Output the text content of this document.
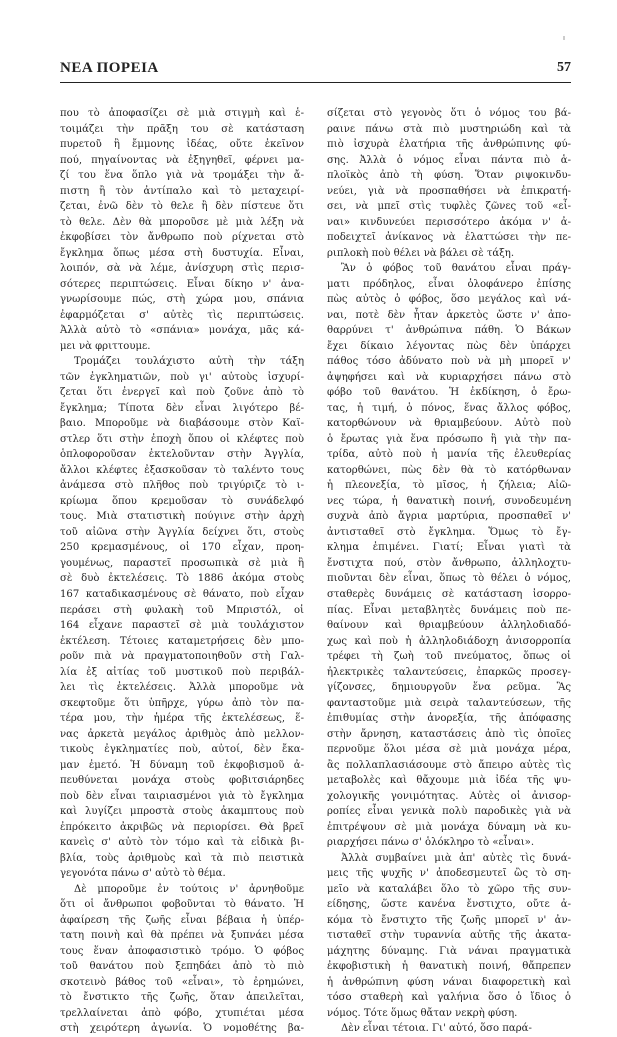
ΝΕΑ ΠΟΡΕΙΑ	57

που τὸ ἀποφασίζει σὲ μιὰ στιγμὴ καὶ ἑ-

τοιμάζει τὴν πρᾶξη του σὲ κατάσταση

πυρετοῦ ἢ ἔμμονης ἰδέας, οὔτε ἐκεῖνον

πού, πηγαίνοντας νὰ ἐξηγηθεῖ, φέρνει μα-

ζί του ἕνα ὅπλο γιὰ νὰ τρομάξει τὴν ἄ-

πιστη ἢ τὸν ἀντίπαλο καὶ τὸ μεταχειρί-

ζεται, ἐνῶ δὲν τὸ θελε ἢ δὲν πίστευε ὅτι

τὸ θελε. Δὲν θὰ μποροῦσε μὲ μιὰ λέξη νὰ

ἐκφοβίσει τὸν ἄνθρωπο ποὺ ρίχνεται στὸ

ἔγκλημα ὅπως μέσα στὴ δυστυχία. Εἶναι,

λοιπόν, σὰ νὰ λέμε, ἀνίσχυρη στὶς περισ-

σότερες περιπτώσεις. Εἶναι δίκηο ν' ἀνα-

γνωρίσουμε πώς, στὴ χώρα μου, σπάνια

ἐφαρμόζεται σ' αὐτὲς τὶς περιπτώσεις.

Ἀλλὰ αὐτὸ τὸ «σπάνια» μονάχα, μᾶς κά-

μει νὰ φριττουμε.

Τρομάζει τουλάχιστο αὐτὴ τὴν τάξη

τῶν ἐγκληματιῶν, ποὺ γι' αὐτοὺς ἰσχυρί-

ζεται ὅτι ἐνεργεῖ καὶ ποὺ ζοῦνε ἀπὸ τὸ

ἔγκλημα; Τίποτα δὲν εἶναι λιγότερο βέ-

βαιο. Μποροῦμε νὰ διαβάσουμε στὸν Καϊ-

στλερ ὅτι στὴν ἐποχὴ ὅπου οἱ κλέφτες ποὺ

ὁπλοφοροῦσαν ἐκτελοῦνταν στὴν Ἀγγλία,

ἄλλοι κλέφτες ἐξασκοῦσαν τὸ ταλέντο τους

ἀνάμεσα στὸ πλῆθος ποὺ τριγύριζε τὸ ι-

κρίωμα ὅπου κρεμοῦσαν τὸ συνάδελφό

τους. Μιὰ στατιστικὴ πούγινε στὴν ἀρχὴ

τοῦ αἰῶνα στὴν Ἀγγλία δείχνει ὅτι, στοὺς

250 κρεμασμένους, οἱ 170 εἶχαν, προη-

γουμένως, παραστεῖ προσωπικὰ σὲ μιὰ ἢ

σὲ δυὸ ἐκτελέσεις. Τὸ 1886 ἀκόμα στοὺς

167 καταδικασμένους σὲ θάνατο, ποὺ εἶχαν

περάσει στὴ φυλακὴ τοῦ Μπριστόλ, οἱ

164 εἶχανε παραστεῖ σὲ μιὰ τουλάχιστον

ἐκτέλεση. Τέτοιες καταμετρήσεις δὲν μπο-

ροῦν πιὰ νὰ πραγματοποιηθοῦν στὴ Γαλ-

λία ἐξ αἰτίας τοῦ μυστικοῦ ποὺ περιβάλ-

λει τὶς ἐκτελέσεις. Ἀλλὰ μποροῦμε νὰ

σκεφτοῦμε ὅτι ὑπῆρχε, γύρω ἀπὸ τὸν πα-

τέρα μου, τὴν ἡμέρα τῆς ἐκτελέσεως, ἕ-

νας ἀρκετὰ μεγάλος ἀριθμὸς ἀπὸ μελλον-

τικοὺς ἐγκληματίες ποὺ, αὐτοί, δὲν ἔκα-

μαν ἐμετό. Ἡ δύναμη τοῦ ἐκφοβισμοῦ ἀ-

πευθύνεται μονάχα στοὺς φοβιτσιάρηδες

ποὺ δὲν εἶναι ταιριασμένοι γιὰ τὸ ἔγκλημα

καὶ λυγίζει μπροστὰ στοὺς ἀκαμπτους ποὺ

ἐπρόκειτο ἀκριβῶς νὰ περιορίσει. Θὰ βρεῖ

κανεὶς σ' αὐτὸ τὸν τόμο καὶ τὰ εἰδικὰ βι-

βλία, τοὺς ἀριθμοὺς καὶ τὰ πιὸ πειστικὰ

γεγονότα πάνω σ' αὐτὸ τὸ θέμα.

Δὲ μποροῦμε ἐν τούτοις ν' ἀρνηθοῦμε

ὅτι οἱ ἄνθρωποι φοβοῦνται τὸ θάνατο. Ἡ

ἀφαίρεση τῆς ζωῆς εἶναι βέβαια ἡ ὑπέρ-

τατη ποινὴ καὶ θὰ πρέπει νὰ ξυπνάει μέσα

τους ἕναν ἀποφασιστικὸ τρόμο. Ὁ φόβος

τοῦ θανάτου ποὺ ξεπηδάει ἀπὸ τὸ πιὸ

σκοτεινὸ βάθος τοῦ «εἶναι», τὸ ἐρημώνει,

τὸ ἔνστικτο τῆς ζωῆς, ὅταν ἀπειλεῖται,

τρελλαίνεται ἀπὸ φόβο, χτυπιέται μέσα

στὴ χειρότερη ἀγωνία. Ὁ νομοθέτης βα-

σίζεται στὸ γεγονὸς ὅτι ὁ νόμος του βά-

ραινε πάνω στὰ πιὸ μυστηριώδη καὶ τὰ

πιὸ ἰσχυρὰ ἐλατήρια τῆς ἀνθρώπινης φύ-

σης. Ἀλλὰ ὁ νόμος εἶναι πάντα πιὸ ἁ-

πλοϊκὸς ἀπὸ τὴ φύση. Ὅταν ριψοκινδυ-

νεύει, γιὰ νὰ προσπαθήσει νὰ ἐπικρατή-

σει, νὰ μπεῖ στὶς τυφλὲς ζῶνες τοῦ «εἶ-

ναι» κινδυνεύει περισσότερο ἀκόμα ν' ἀ-

ποδειχτεῖ ἀνίκανος νὰ ἐλαττώσει τὴν πε-

ριπλοκὴ ποὺ θέλει νὰ βάλει σὲ τάξη.

Ἂν ὁ φόβος τοῦ θανάτου εἶναι πράγ-

ματι πρόδηλος, εἶναι ὁλοφάνερο ἐπίσης

πὼς αὐτὸς ὁ φόβος, ὅσο μεγάλος καὶ νά-

ναι, ποτὲ δὲν ἦταν ἀρκετὸς ὥστε ν' ἀπο-

θαρρύνει τ' ἀνθρώπινα πάθη. Ὁ Βάκων

ἔχει δίκαιο λέγοντας πὼς δὲν ὑπάρχει

πάθος τόσο ἀδύνατο ποὺ νὰ μὴ μπορεῖ ν'

ἀψηφήσει καὶ νὰ κυριαρχήσει πάνω στὸ

φόβο τοῦ θανάτου. Ἡ ἐκδίκηση, ὁ ἔρω-

τας, ἡ τιμή, ὁ πόνος, ἕνας ἄλλος φόβος,

κατορθώνουν νὰ θριαμβεύουν. Αὐτὸ ποὺ

ὁ ἔρωτας γιὰ ἕνα πρόσωπο ἢ γιὰ τὴν πα-

τρίδα, αὐτὸ ποὺ ἡ μανία τῆς ἐλευθερίας

κατορθώνει, πὼς δὲν θὰ τὸ κατόρθωναν

ἡ πλεονεξία, τὸ μῖσος, ἡ ζήλεια; Αἰῶ-

νες τώρα, ἡ θανατικὴ ποινή, συνοδευμένη

συχνὰ ἀπὸ ἄγρια μαρτύρια, προσπαθεῖ ν'

ἀντισταθεῖ στὸ ἔγκλημα. Ὅμως τὸ ἔγ-

κλημα ἐπιμένει. Γιατί; Εἶναι γιατὶ τὰ

ἔνστιχτα πού, στὸν ἄνθρωπο, ἀλληλοχτυ-

πιοῦνται δὲν εἶναι, ὅπως τὸ θέλει ὁ νόμος,

σταθερὲς δυνάμεις σὲ κατάσταση ἰσορρο-

πίας. Εἶναι μεταβλητὲς δυνάμεις ποὺ πε-

θαίνουν καὶ θριαμβεύουν ἀλληλοδιαδό-

χως καὶ ποὺ ἡ ἀλληλοδιάδοχη ἀνισορροπία

τρέφει τὴ ζωὴ τοῦ πνεύματος, ὅπως οἱ

ἠλεκτρικὲς ταλαντεύσεις, ἐπαρκῶς προσεγ-

γίζονσες, δημιουργοῦν ἕνα ρεῦμα. Ἂς

φανταστοῦμε μιὰ σειρὰ ταλαντεύσεων, τῆς

ἐπιθυμίας στὴν ἀνορεξία, τῆς ἀπόφασης

στὴν ἄρνηση, καταστάσεις ἀπὸ τὶς ὁποῖες

περνοῦμε ὅλοι μέσα σὲ μιὰ μονάχα μέρα,

ἂς πολλαπλασιάσουμε στὸ ἄπειρο αὐτὲς τὶς

μεταβολὲς καὶ θἄχουμε μιὰ ἰδέα τῆς ψυ-

χολογικῆς γονιμότητας. Αὐτὲς οἱ ἀνισορ-

ροπίες εἶναι γενικὰ πολὺ παροδικὲς γιὰ νὰ

ἐπιτρέψουν σὲ μιὰ μονάχα δύναμη νὰ κυ-

ριαρχήσει πάνω σ' ὁλόκληρο τὸ «εἶναι».

Ἀλλὰ συμβαίνει μιὰ ἀπ' αὐτὲς τὶς δυνά-

μεις τῆς ψυχῆς ν' ἀποδεσμευτεῖ ὣς τὸ ση-

μεῖο νὰ καταλάβει ὅλο τὸ χῶρο τῆς συν-

είδησης, ὥστε κανένα ἔνστιχτο, οὔτε ἀ-

κόμα τὸ ἔνστιχτο τῆς ζωῆς μπορεῖ ν' ἀν-

τισταθεῖ στὴν τυραννία αὐτῆς τῆς ἀκατα-

μάχητης δύναμης. Γιὰ νάναι πραγματικὰ

ἐκφοβιστικὴ ἡ θανατικὴ ποινή, θἄπρεπεν

ἡ ἀνθρώπινη φύση νάναι διαφορετικὴ καὶ

τόσο σταθερὴ καὶ γαλήνια ὅσο ὁ ἴδιος ὁ

νόμος. Τότε ὅμως θἄταν νεκρὴ φύση.

Δὲν εἶναι τέτοια. Γι' αὐτό, ὅσο παρά-
